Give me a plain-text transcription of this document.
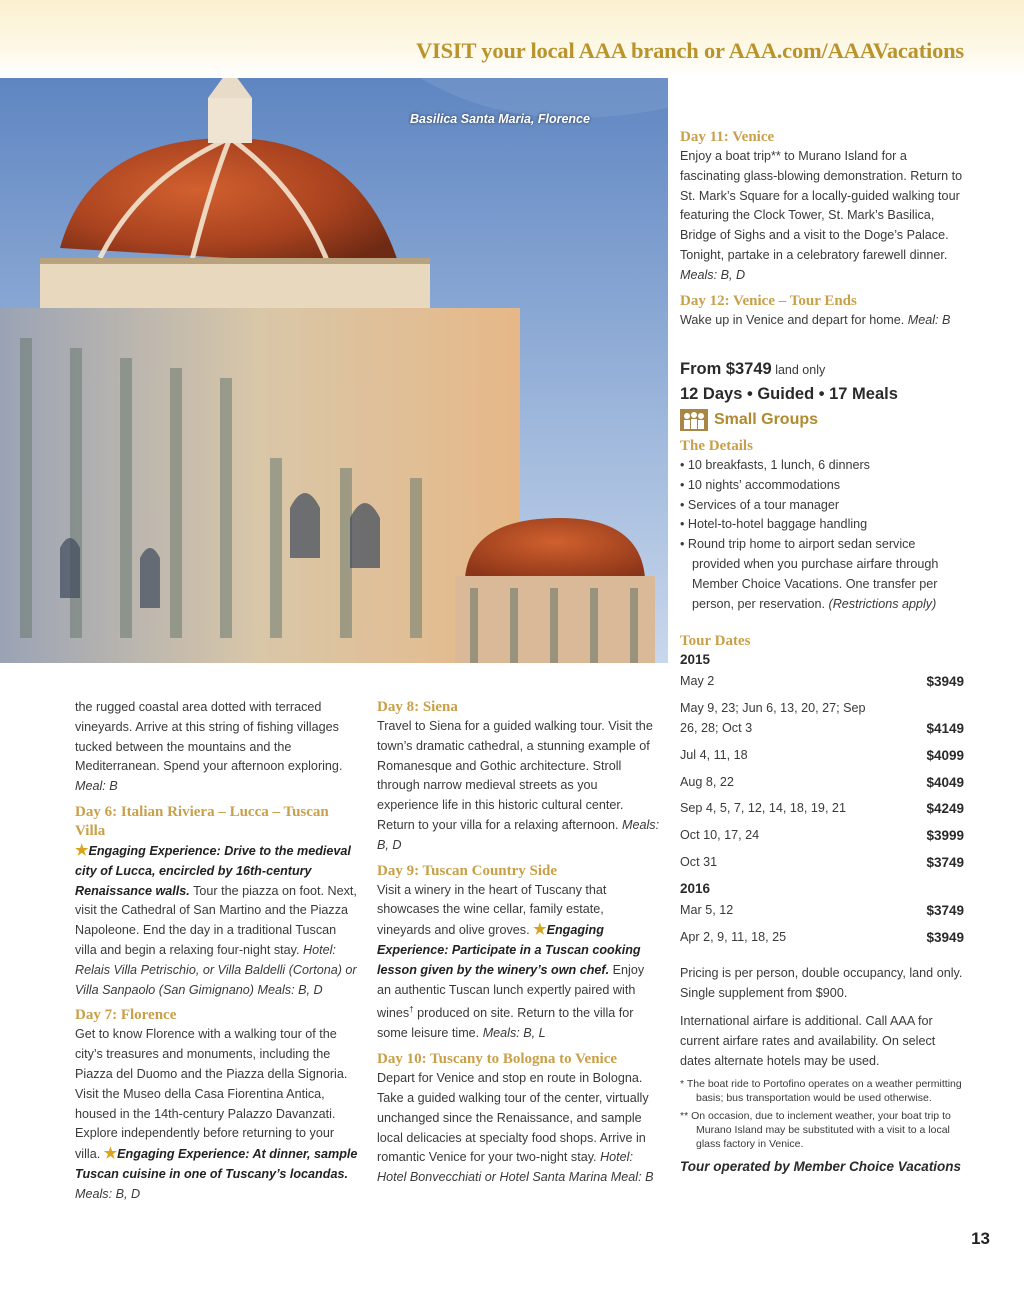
VISIT your local AAA branch or AAA.com/AAAVacations
Basilica Santa Maria, Florence

the rugged coastal area dotted with terraced vineyards. Arrive at this string of fishing villages tucked between the mountains and the Mediterranean. Spend your afternoon exploring. Meal: B

Day 6: Italian Riviera – Lucca – Tuscan Villa

★Engaging Experience: Drive to the medieval city of Lucca, encircled by 16th-century Renaissance walls. Tour the piazza on foot. Next, visit the Cathedral of San Martino and the Piazza Napoleone. End the day in a traditional Tuscan villa and begin a relaxing four-night stay. Hotel: Relais Villa Petrischio, or Villa Baldelli (Cortona) or Villa Sanpaolo (San Gimignano) Meals: B, D

Day 7: Florence

Get to know Florence with a walking tour of the city’s treasures and monuments, including the Piazza del Duomo and the Piazza della Signoria. Visit the Museo della Casa Fiorentina Antica, housed in the 14th-century Palazzo Davanzati. Explore independently before returning to your villa. ★Engaging Experience: At dinner, sample Tuscan cuisine in one of Tuscany’s locandas. Meals: B, D

Day 8: Siena

Travel to Siena for a guided walking tour. Visit the town’s dramatic cathedral, a stunning example of Romanesque and Gothic architecture. Stroll through narrow medieval streets as you experience life in this historic cultural center. Return to your villa for a relaxing afternoon. Meals: B, D

Day 9: Tuscan Country Side

Visit a winery in the heart of Tuscany that showcases the wine cellar, family estate, vineyards and olive groves. ★Engaging Experience: Participate in a Tuscan cooking lesson given by the winery’s own chef. Enjoy an authentic Tuscan lunch expertly paired with wines† produced on site. Return to the villa for some leisure time. Meals: B, L

Day 10: Tuscany to Bologna to Venice

Depart for Venice and stop en route in Bologna. Take a guided walking tour of the center, virtually unchanged since the Renaissance, and sample local delicacies at specialty food shops. Arrive in romantic Venice for your two-night stay. Hotel: Hotel Bonvecchiati or Hotel Santa Marina Meal: B

Day 11: Venice

Enjoy a boat trip** to Murano Island for a fascinating glass-blowing demonstration. Return to St. Mark’s Square for a locally-guided walking tour featuring the Clock Tower, St. Mark’s Basilica, Bridge of Sighs and a visit to the Doge’s Palace. Tonight, partake in a celebratory farewell dinner. Meals: B, D

Day 12: Venice – Tour Ends

Wake up in Venice and depart for home. Meal: B

From $3749 land only
12 Days • Guided • 17 Meals
Small Groups
The Details
• 10 breakfasts, 1 lunch, 6 dinners
• 10 nights’ accommodations
• Services of a tour manager
• Hotel-to-hotel baggage handling
• Round trip home to airport sedan service provided when you purchase airfare through Member Choice Vacations. One transfer per person, per reservation. (Restrictions apply)
Tour Dates
2015
May 2	$3949
May 9, 23; Jun 6, 13, 20, 27; Sep 26, 28; Oct 3	$4149
Jul 4, 11, 18	$4099
Aug 8, 22	$4049
Sep 4, 5, 7, 12, 14, 18, 19, 21	$4249
Oct 10, 17, 24	$3999
Oct 31	$3749
2016
Mar 5, 12	$3749
Apr 2, 9, 11, 18, 25	$3949

Pricing is per person, double occupancy, land only. Single supplement from $900.

International airfare is additional. Call AAA for current airfare rates and availability. On select dates alternate hotels may be used.

* The boat ride to Portofino operates on a weather permitting basis; bus transportation would be used otherwise.

** On occasion, due to inclement weather, your boat trip to Murano Island may be substituted with a visit to a local glass factory in Venice.

Tour operated by Member Choice Vacations
13
